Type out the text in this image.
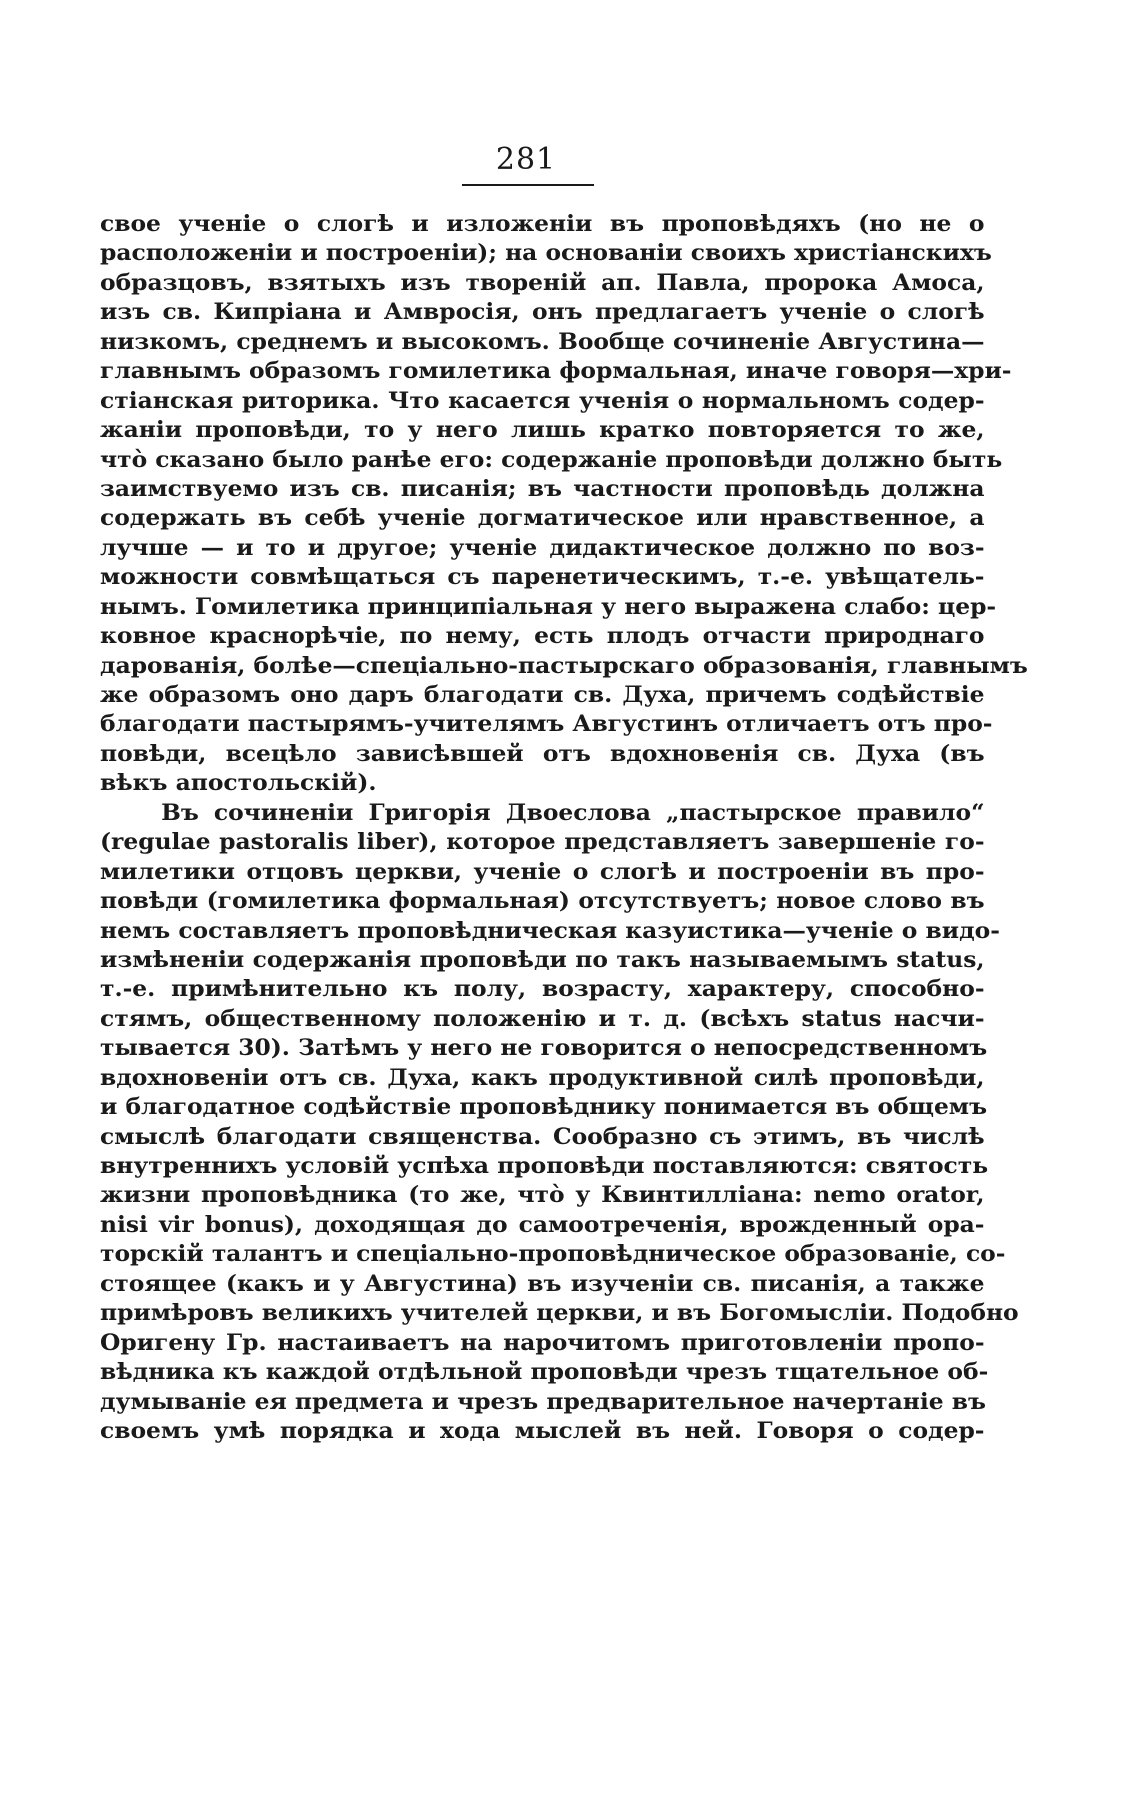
281

свое ученіе о слогѣ и изложеніи въ проповѣдяхъ (но не о
расположеніи и построеніи); на основаніи своихъ христіанскихъ
образцовъ, взятыхъ изъ твореній ап. Павла, пророка Амоса,
изъ св. Кипріана и Амвросія, онъ предлагаетъ ученіе о слогѣ
низкомъ, среднемъ и высокомъ. Вообще сочиненіе Августина—
главнымъ образомъ гомилетика формальная, иначе говоря—хри-
стіанская риторика. Что касается ученія о нормальномъ содер-
жаніи проповѣди, то у него лишь кратко повторяется то же,
что̀ сказано было ранѣе его: содержаніе проповѣди должно быть
заимствуемо изъ св. писанія; въ частности проповѣдь должна
содержать въ себѣ ученіе догматическое или нравственное, а
лучше — и то и другое; ученіе дидактическое должно по воз-
можности совмѣщаться съ паренетическимъ, т.-е. увѣщатель-
нымъ. Гомилетика принципіальная у него выражена слабо: цер-
ковное краснорѣчіе, по нему, есть плодъ отчасти природнаго
дарованія, болѣе—спеціально-пастырскаго образованія, главнымъ
же образомъ оно даръ благодати св. Духа, причемъ содѣйствіе
благодати пастырямъ-учителямъ Августинъ отличаетъ отъ про-
повѣди, всецѣло зависѣвшей отъ вдохновенія св. Духа (въ
вѣкъ апостольскій).

Въ сочиненіи Григорія Двоеслова „пастырское правило“
(regulae pastoralis liber), которое представляетъ завершеніе го-
милетики отцовъ церкви, ученіе о слогѣ и построеніи въ про-
повѣди (гомилетика формальная) отсутствуетъ; новое слово въ
немъ составляетъ проповѣдническая казуистика—ученіе о видо-
измѣненіи содержанія проповѣди по такъ называемымъ status,
т.-е. примѣнительно къ полу, возрасту, характеру, способно-
стямъ, общественному положенію и т. д. (всѣхъ status насчи-
тывается 30). Затѣмъ у него не говорится о непосредственномъ
вдохновеніи отъ св. Духа, какъ продуктивной силѣ проповѣди,
и благодатное содѣйствіе проповѣднику понимается въ общемъ
смыслѣ благодати священства. Сообразно съ этимъ, въ числѣ
внутреннихъ условій успѣха проповѣди поставляются: святость
жизни проповѣдника (то же, что̀ у Квинтилліана: nemo orator,
nisi vir bonus), доходящая до самоотреченія, врожденный ора-
торскій талантъ и спеціально-проповѣдническое образованіе, со-
стоящее (какъ и у Августина) въ изученіи св. писанія, а также
примѣровъ великихъ учителей церкви, и въ Богомысліи. Подобно
Оригену Гр. настаиваетъ на нарочитомъ приготовленіи пропо-
вѣдника къ каждой отдѣльной проповѣди чрезъ тщательное об-
думываніе ея предмета и чрезъ предварительное начертаніе въ
своемъ умѣ порядка и хода мыслей въ ней. Говоря о содер-
